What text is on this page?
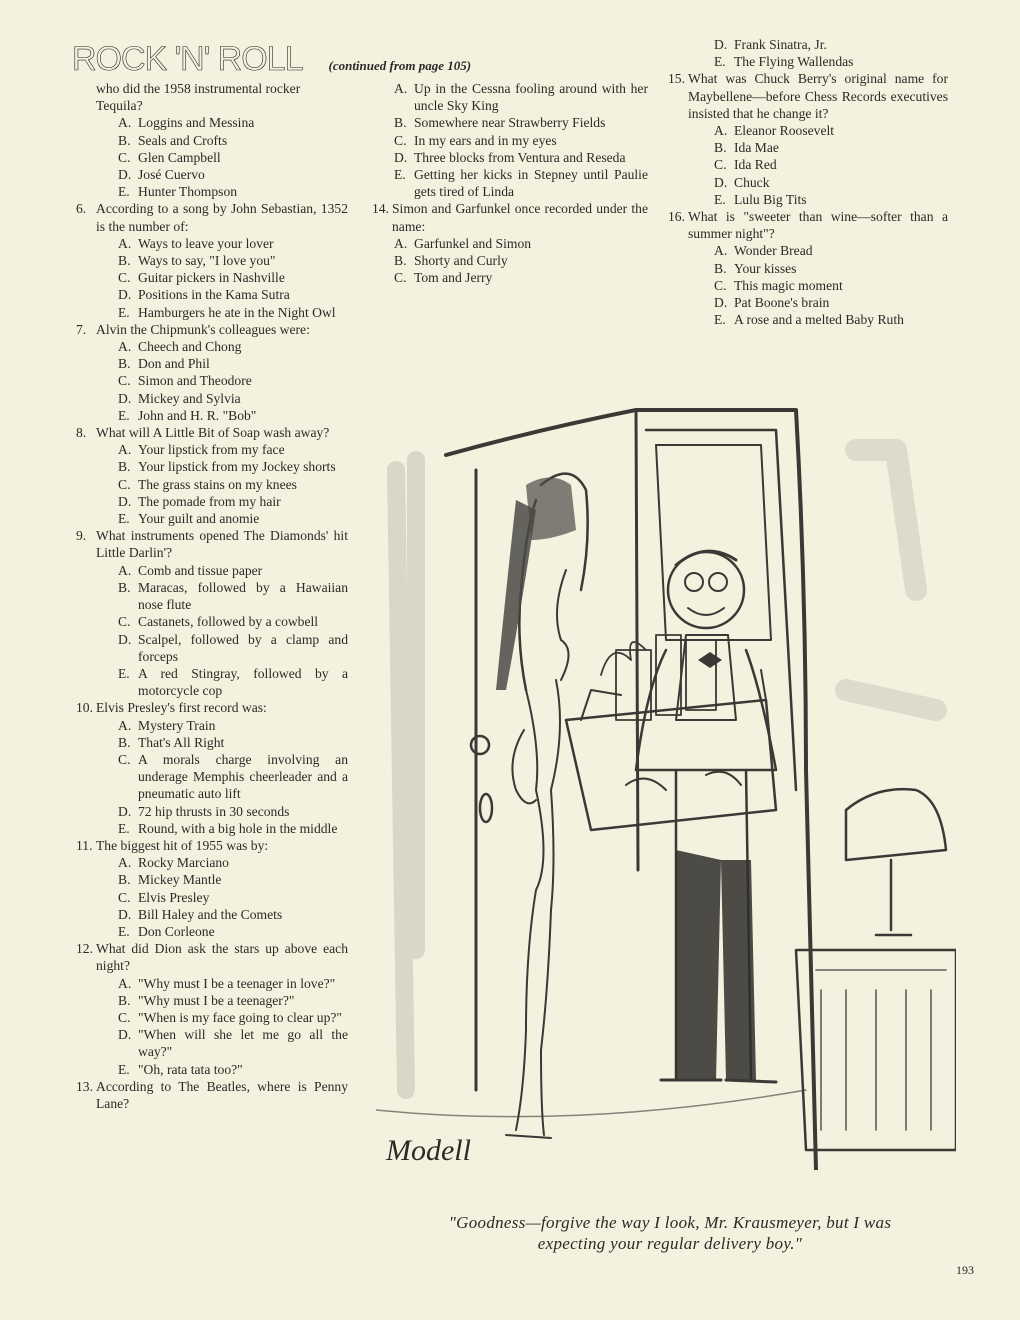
ROCK 'N' ROLL (continued from page 105)

who did the 1958 instrumental rocker Tequila?

A. Loggins and Messina
B. Seals and Crofts
C. Glen Campbell
D. José Cuervo
E. Hunter Thompson

6. According to a song by John Sebastian, 1352 is the number of:

A. Ways to leave your lover
B. Ways to say, "I love you"
C. Guitar pickers in Nashville
D. Positions in the Kama Sutra
E. Hamburgers he ate in the Night Owl

7. Alvin the Chipmunk's colleagues were:

A. Cheech and Chong
B. Don and Phil
C. Simon and Theodore
D. Mickey and Sylvia
E. John and H. R. "Bob"

8. What will A Little Bit of Soap wash away?

A. Your lipstick from my face
B. Your lipstick from my Jockey shorts
C. The grass stains on my knees
D. The pomade from my hair
E. Your guilt and anomie

9. What instruments opened The Diamonds' hit Little Darlin'?

A. Comb and tissue paper
B. Maracas, followed by a Hawaiian nose flute
C. Castanets, followed by a cowbell
D. Scalpel, followed by a clamp and forceps
E. A red Stingray, followed by a motorcycle cop

10. Elvis Presley's first record was:

A. Mystery Train
B. That's All Right
C. A morals charge involving an underage Memphis cheerleader and a pneumatic auto lift
D. 72 hip thrusts in 30 seconds
E. Round, with a big hole in the middle

11. The biggest hit of 1955 was by:

A. Rocky Marciano
B. Mickey Mantle
C. Elvis Presley
D. Bill Haley and the Comets
E. Don Corleone

12. What did Dion ask the stars up above each night?

A. "Why must I be a teenager in love?"
B. "Why must I be a teenager?"
C. "When is my face going to clear up?"
D. "When will she let me go all the way?"
E. "Oh, rata tata too?"

13. According to The Beatles, where is Penny Lane?

A. Up in the Cessna fooling around with her uncle Sky King
B. Somewhere near Strawberry Fields
C. In my ears and in my eyes
D. Three blocks from Ventura and Reseda
E. Getting her kicks in Stepney until Paulie gets tired of Linda

14. Simon and Garfunkel once recorded under the name:

A. Garfunkel and Simon
B. Shorty and Curly
C. Tom and Jerry
D. Frank Sinatra, Jr.
E. The Flying Wallendas

15. What was Chuck Berry's original name for Maybellene—before Chess Records executives insisted that he change it?

A. Eleanor Roosevelt
B. Ida Mae
C. Ida Red
D. Chuck
E. Lulu Big Tits

16. What is "sweeter than wine—softer than a summer night"?

A. Wonder Bread
B. Your kisses
C. This magic moment
D. Pat Boone's brain
E. A rose and a melted Baby Ruth
Modell
"Goodness—forgive the way I look, Mr. Krausmeyer, but I was expecting your regular delivery boy."
193
